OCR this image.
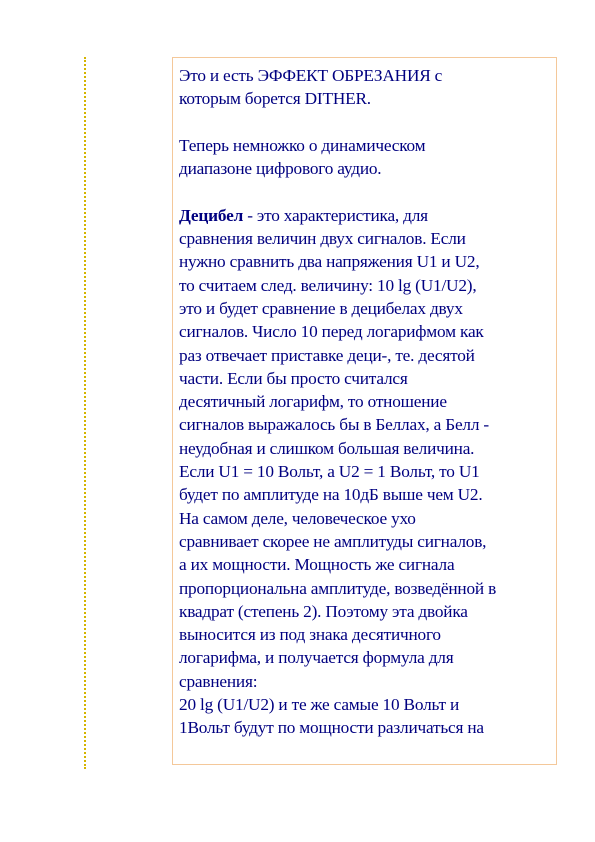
Это и есть ЭФФЕКТ ОБРЕЗАНИЯ с
которым борется DITHER.
Теперь немножко о динамическом
диапазоне цифрового аудио.
Децибел - это характеристика, для
сравнения величин двух сигналов. Если
нужно сравнить два напряжения U1 и U2,
то считаем след. величину: 10 lg (U1/U2),
это и будет сравнение в децибелах двух
сигналов. Число 10 перед логарифмом как
раз отвечает приставке деци-, те. десятой
части. Если бы просто считался
десятичный логарифм, то отношение
сигналов выражалось бы в Беллах, а Белл -
неудобная и слишком большая величина.
Если U1 = 10 Вольт, а U2 = 1 Вольт, то U1
будет по амплитуде на 10дБ выше чем U2.
На самом деле, человеческое ухо
сравнивает скорее не амплитуды сигналов,
а их мощности. Мощность же сигнала
пропорциональна амплитуде, возведённой в
квадрат (степень 2). Поэтому эта двойка
выносится из под знака десятичного
логарифма, и получается формула для
сравнения:
20 lg (U1/U2) и те же самые 10 Вольт и
1Вольт будут по мощности различаться на
